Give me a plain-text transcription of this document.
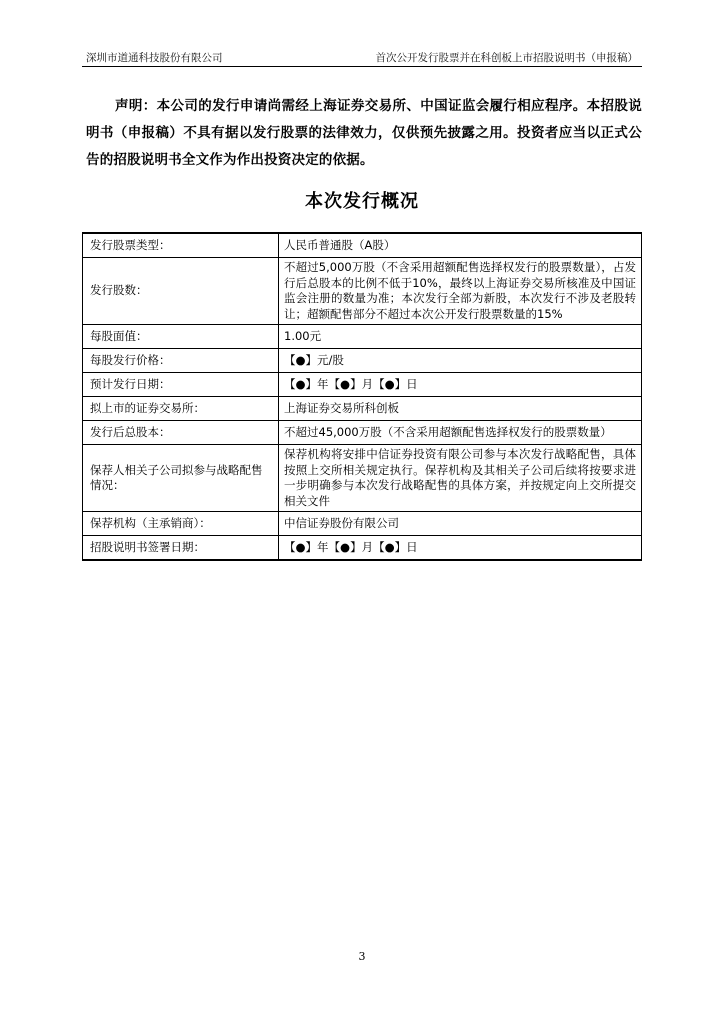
深圳市道通科技股份有限公司	首次公开发行股票并在科创板上市招股说明书（申报稿）
声明：本公司的发行申请尚需经上海证券交易所、中国证监会履行相应程序。本招股说明书（申报稿）不具有据以发行股票的法律效力，仅供预先披露之用。投资者应当以正式公告的招股说明书全文作为作出投资决定的依据。
本次发行概况
发行股票类型：	人民币普通股（A股）
发行股数：	不超过5,000万股（不含采用超额配售选择权发行的股票数量），占发行后总股本的比例不低于10%，最终以上海证券交易所核准及中国证监会注册的数量为准；本次发行全部为新股，本次发行不涉及老股转让；超额配售部分不超过本次公开发行股票数量的15%
每股面值：	1.00元
每股发行价格：	【●】元/股
预计发行日期：	【●】年【●】月【●】日
拟上市的证券交易所：	上海证券交易所科创板
发行后总股本：	不超过45,000万股（不含采用超额配售选择权发行的股票数量）
保荐人相关子公司拟参与战略配售情况：	保荐机构将安排中信证券投资有限公司参与本次发行战略配售，具体按照上交所相关规定执行。保荐机构及其相关子公司后续将按要求进一步明确参与本次发行战略配售的具体方案，并按规定向上交所提交相关文件
保荐机构（主承销商）：	中信证券股份有限公司
招股说明书签署日期：	【●】年【●】月【●】日
3
